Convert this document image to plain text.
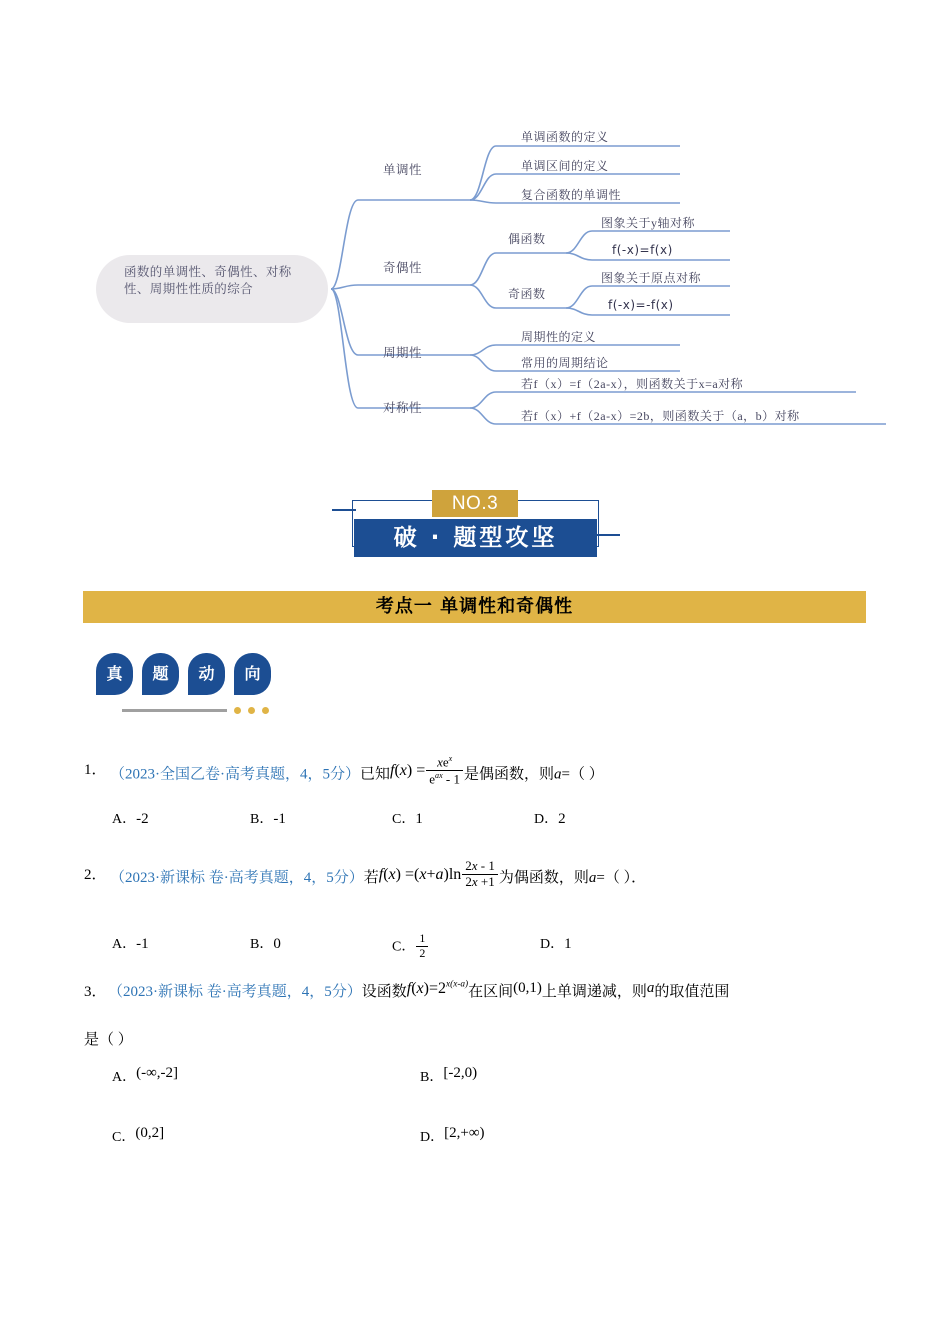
函数的单调性、奇偶性、对称性、周期性性质的综合
单调性
奇偶性
周期性
对称性
单调函数的定义
单调区间的定义
复合函数的单调性
偶函数
奇函数
图象关于y轴对称
f(-x)=f(x)
图象关于原点对称
f(-x)=-f(x)
周期性的定义
常用的周期结论
若f（x）=f（2a-x），则函数关于x=a对称
若f（x）+f（2a-x）=2b，则函数关于（a，b）对称
NO.3
破 · 题型攻坚
考点一 单调性和奇偶性
真	题	动	向
1． （2023·全国乙卷·高考真题，4，5分）已知$f(x) = \frac{xe^x}{e^{ax} - 1}$ 是偶函数，则a=（ ）
A．-2	B．-1	C．1	D．2
2． （2023·新课标 卷·高考真题，4，5分）若$f(x) =(x+a)\ln \frac{2x - 1}{2x +1}$ 为偶函数，则a=（ ）．
A．-1	B．0	C． $\frac{1}{2}$	D．1
3． （2023·新课标 卷·高考真题，4，5分）设函数$f(x)=2^{x(x-a)}$在区间(0,1)上单调递减，则a的取值范围
是（ ）
A．(-∞,-2]	B．[-2,0)
C．(0,2]	D．[2,+∞)
